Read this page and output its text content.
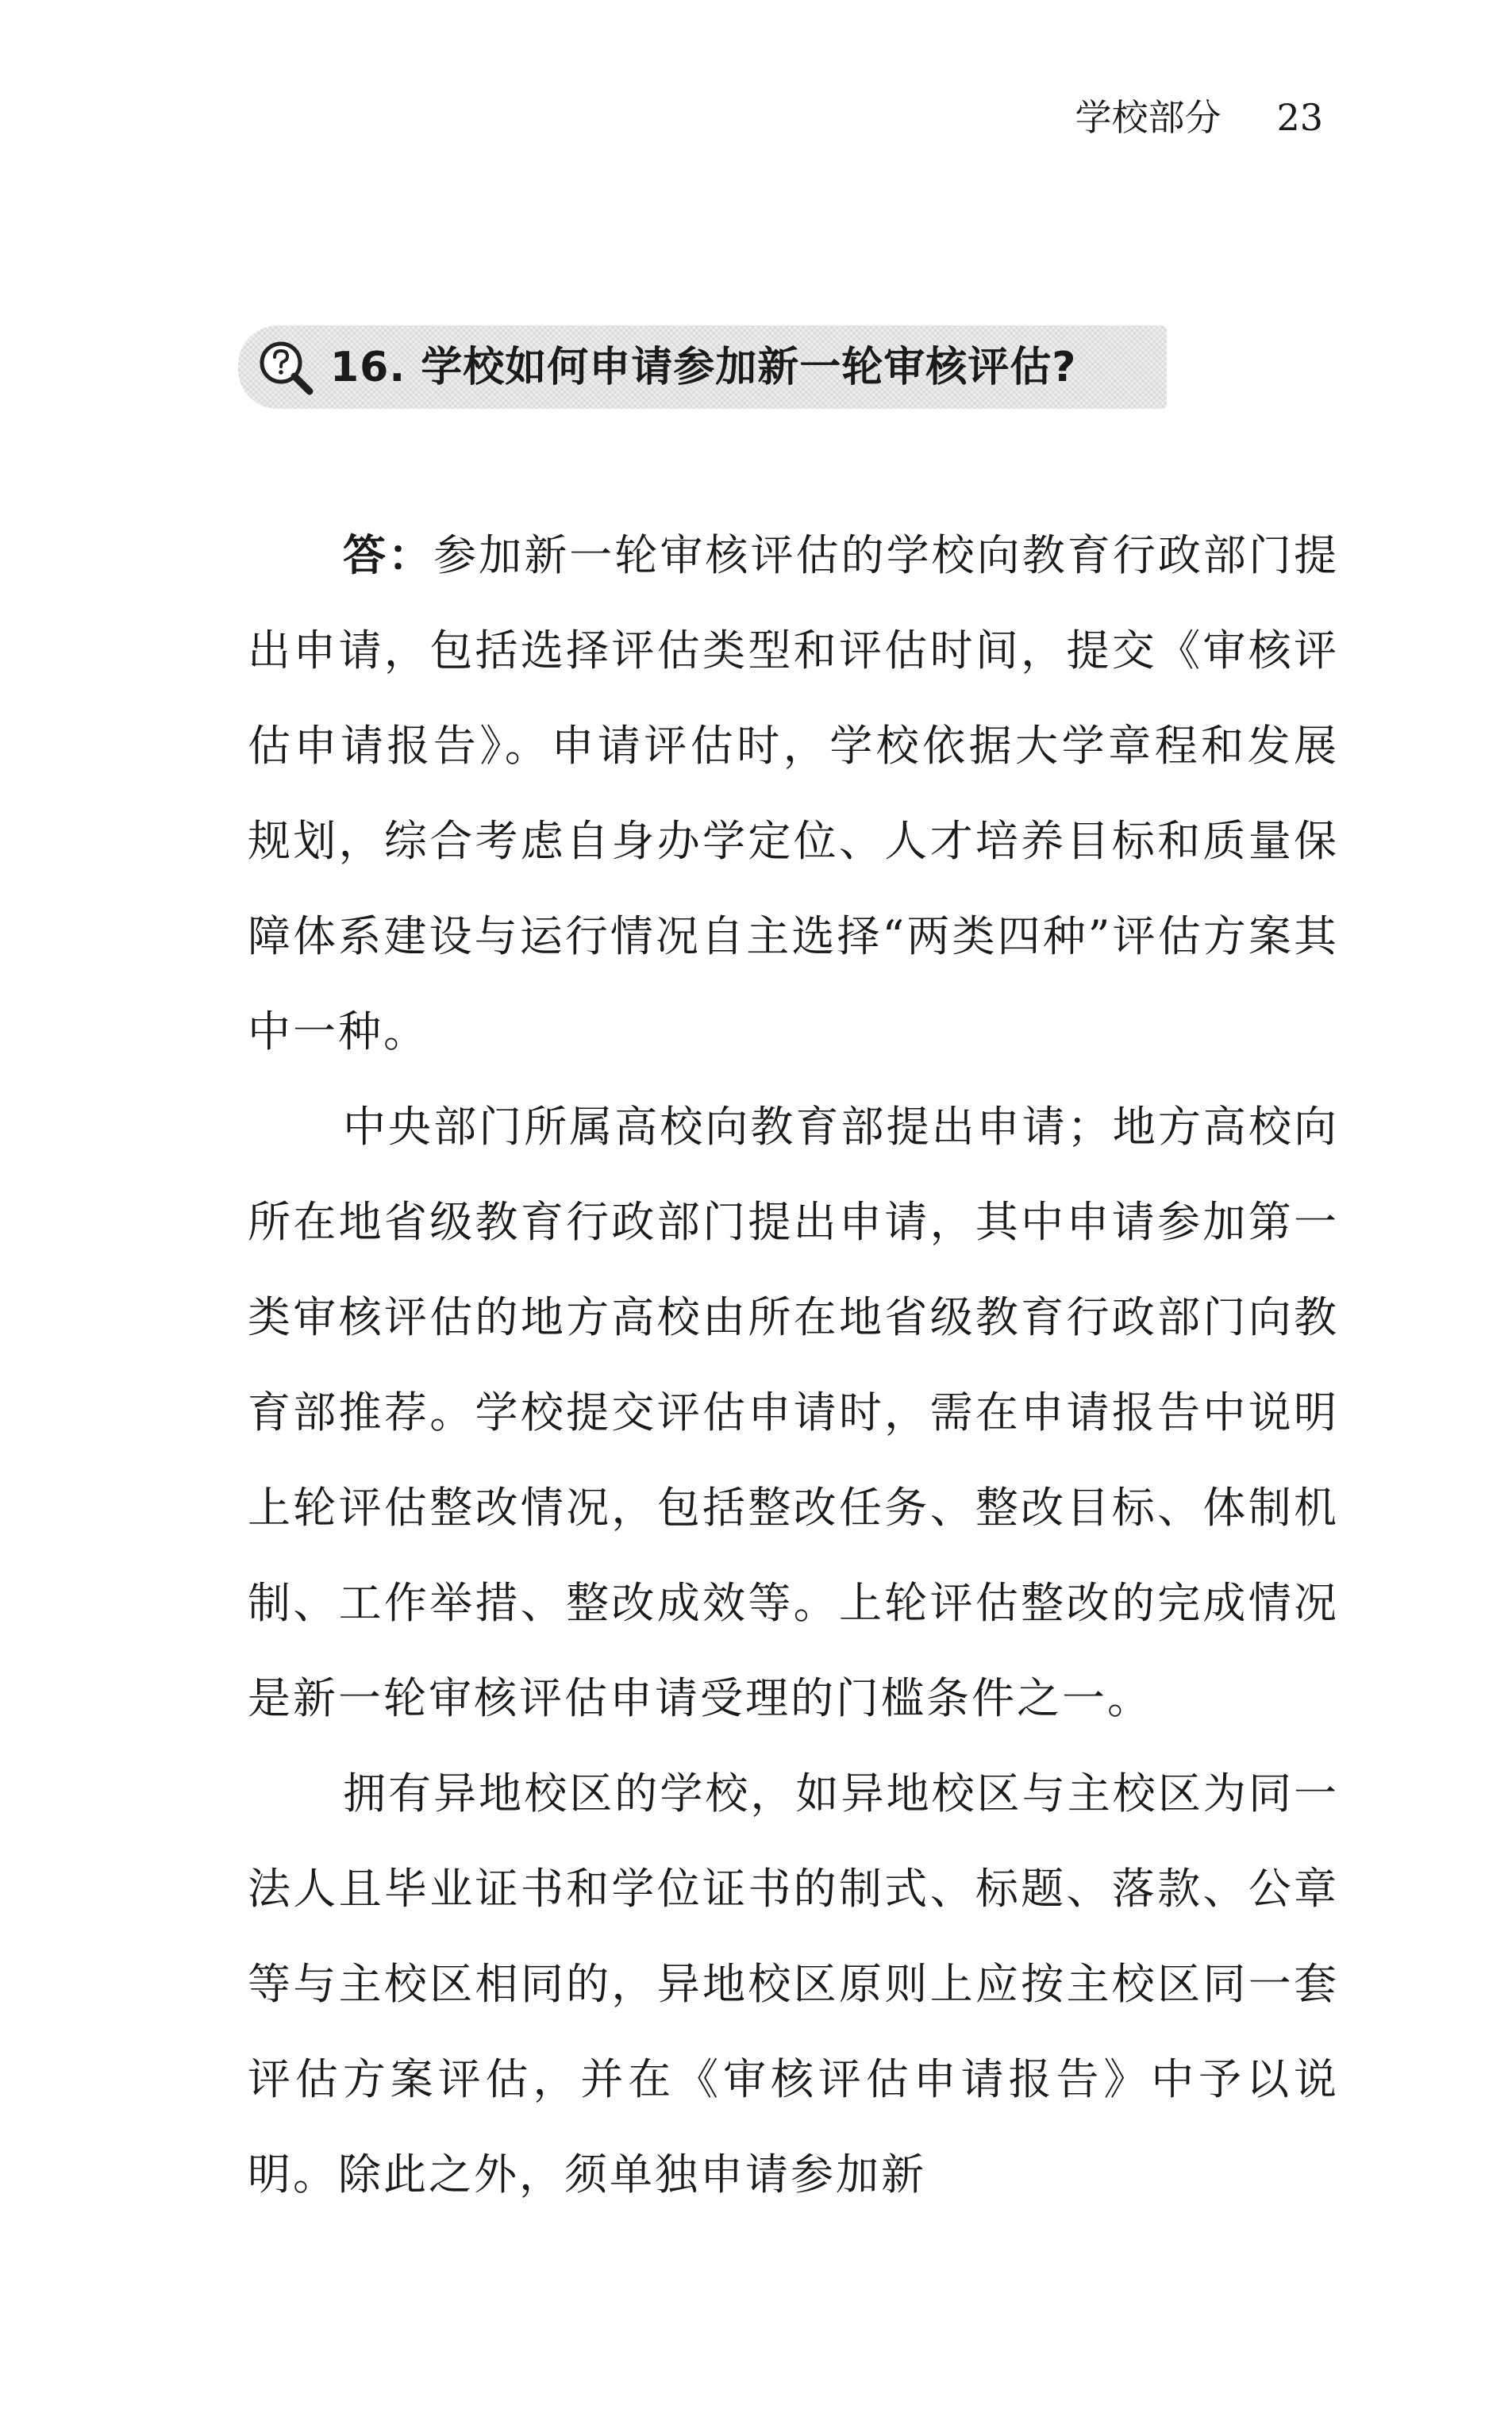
学校部分 23
16. 学校如何申请参加新一轮审核评估?

答：参加新一轮审核评估的学校向教育行政部门提出申请，包括选择评估类型和评估时间，提交《审核评估申请报告》。申请评估时，学校依据大学章程和发展规划，综合考虑自身办学定位、人才培养目标和质量保障体系建设与运行情况自主选择“两类四种”评估方案其中一种。

中央部门所属高校向教育部提出申请；地方高校向所在地省级教育行政部门提出申请，其中申请参加第一类审核评估的地方高校由所在地省级教育行政部门向教育部推荐。学校提交评估申请时，需在申请报告中说明上轮评估整改情况，包括整改任务、整改目标、体制机制、工作举措、整改成效等。上轮评估整改的完成情况是新一轮审核评估申请受理的门槛条件之一。

拥有异地校区的学校，如异地校区与主校区为同一法人且毕业证书和学位证书的制式、标题、落款、公章等与主校区相同的，异地校区原则上应按主校区同一套评估方案评估，并在《审核评估申请报告》中予以说明。除此之外，须单独申请参加新
